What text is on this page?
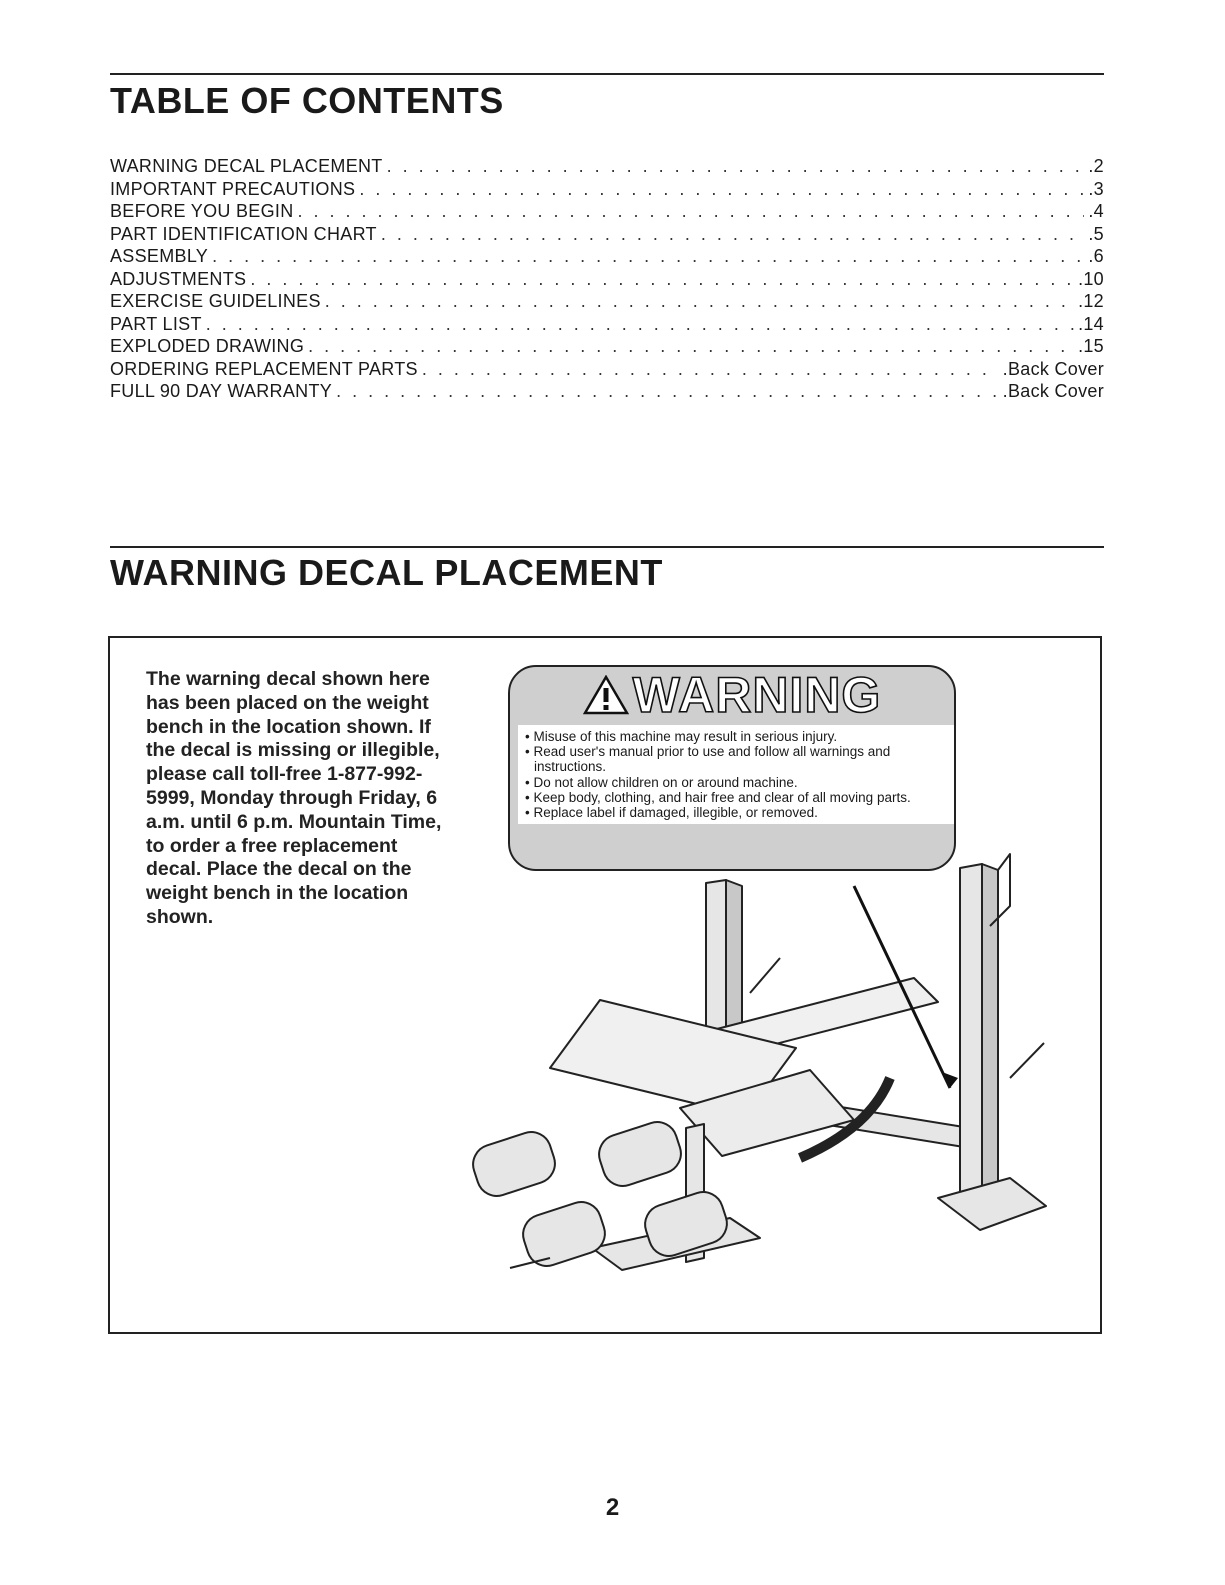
TABLE OF CONTENTS
WARNING DECAL PLACEMENT . . .	.2
IMPORTANT PRECAUTIONS . . .	.3
BEFORE YOU BEGIN . . .	.4
PART IDENTIFICATION CHART . . .	.5
ASSEMBLY . . .	.6
ADJUSTMENTS . . .	.10
EXERCISE GUIDELINES . . .	.12
PART LIST . . .	.14
EXPLODED DRAWING . . .	.15
ORDERING REPLACEMENT PARTS . . .	.Back Cover
FULL 90 DAY WARRANTY . . .	.Back Cover
WARNING DECAL PLACEMENT

The warning decal shown here has been placed on the weight bench in the location shown. If the decal is missing or illegible, please call toll-free 1-877-992-5999, Monday through Friday, 6 a.m. until 6 p.m. Mountain Time, to order a free replacement decal. Place the decal on the weight bench in the location shown.

WARNING
• Misuse of this machine may result in serious injury.
• Read user's manual prior to use and follow all warnings and instructions.
• Do not allow children on or around machine.
• Keep body, clothing, and hair free and clear of all moving parts.
• Replace label if damaged, illegible, or removed.
2
